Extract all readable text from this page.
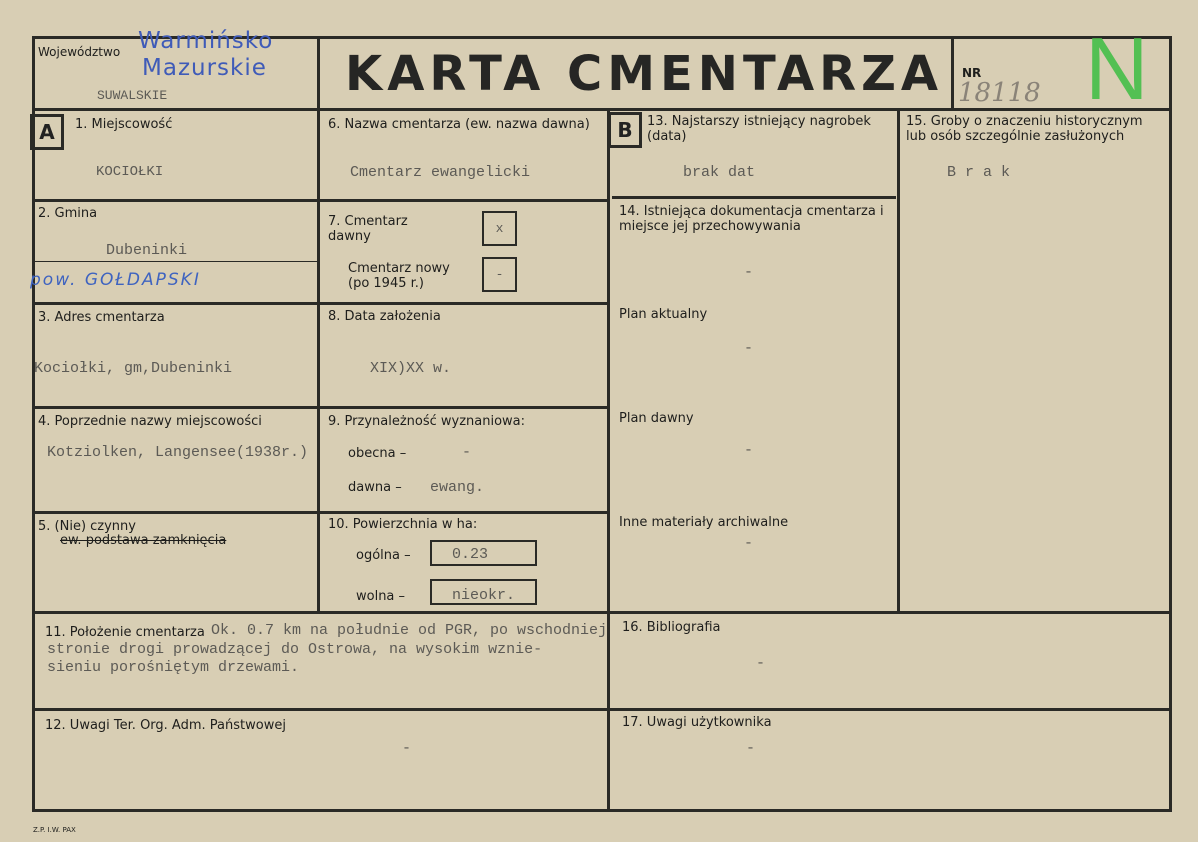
Województwo Warmińsko
Mazurskie
SUWALSKIE	KARTA CMENTARZA NR
18118 N
A	1. Miejscowość
KOCIOŁKI
2. Gmina
Dubeninki
pow. GOŁDAPSKI
3. Adres cmentarza
Kociołki, gm,Dubeninki
4. Poprzednie nazwy miejscowości
Kotziolken, Langensee(1938r.)
5. (Nie) czynny
ew. podstawa zamknięcia
6. Nazwa cmentarza (ew. nazwa dawna)
Cmentarz ewangelicki
7. Cmentarz dawny
x
Cmentarz nowy (po 1945 r.)
-
8. Data założenia
XIX)XX w.
9. Przynależność wyznaniowa:
obecna –	-
dawna – ewang.
10. Powierzchnia w ha:
ogólna –	0.23
wolna –	nieokr.
11. Położenie cmentarza Ok. 0.7 km na południe od PGR, po wschodniej
stronie drogi prowadzącej do Ostrowa, na wysokim wznie-
sieniu porośniętym drzewami.
12. Uwagi Ter. Org. Adm. Państwowej
-
B	13. Najstarszy istniejący nagrobek (data)
brak dat
14. Istniejąca dokumentacja cmentarza i miejsce jej przechowywania
-
Plan aktualny
-
Plan dawny
-
Inne materiały archiwalne
-
15. Groby o znaczeniu historycznym lub osób szczególnie zasłużonych
B r a k
16. Bibliografia
-
17. Uwagi użytkownika
-
Z.P. I.W. PAX
